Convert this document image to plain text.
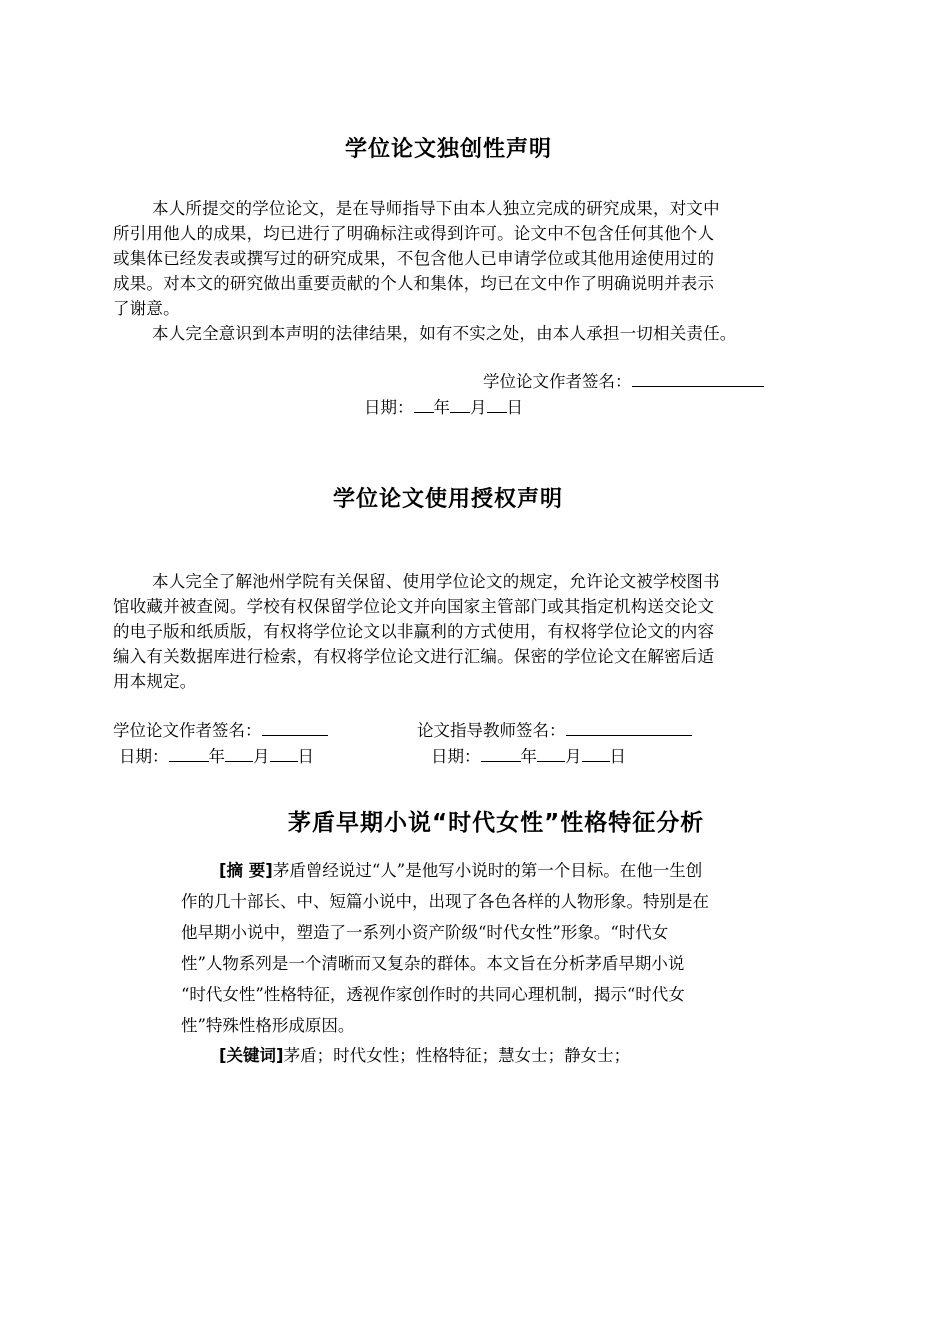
学位论文独创性声明
本人所提交的学位论文，是在导师指导下由本人独立完成的研究成果，对文中
所引用他人的成果，均已进行了明确标注或得到许可。论文中不包含任何其他个人
或集体已经发表或撰写过的研究成果，不包含他人已申请学位或其他用途使用过的
成果。对本文的研究做出重要贡献的个人和集体，均已在文中作了明确说明并表示
了谢意。
本人完全意识到本声明的法律结果，如有不实之处，由本人承担一切相关责任。
学位论文作者签名：
日期： 年 月 日
学位论文使用授权声明
本人完全了解池州学院有关保留、使用学位论文的规定，允许论文被学校图书
馆收藏并被查阅。学校有权保留学位论文并向国家主管部门或其指定机构送交论文
的电子版和纸质版，有权将学位论文以非赢利的方式使用，有权将学位论文的内容
编入有关数据库进行检索，有权将学位论文进行汇编。保密的学位论文在解密后适
用本规定。
学位论文作者签名：	论文指导教师签名：
日期： 年 月 日	日期： 年 月 日
茅盾早期小说“时代女性”性格特征分析
[摘 要]茅盾曾经说过“人”是他写小说时的第一个目标。在他一生创
作的几十部长、中、短篇小说中，出现了各色各样的人物形象。特别是在
他早期小说中，塑造了一系列小资产阶级“时代女性”形象。“时代女
性”人物系列是一个清晰而又复杂的群体。本文旨在分析茅盾早期小说
“时代女性”性格特征，透视作家创作时的共同心理机制，揭示“时代女
性”特殊性格形成原因。
[关键词]茅盾；时代女性；性格特征；慧女士；静女士；
